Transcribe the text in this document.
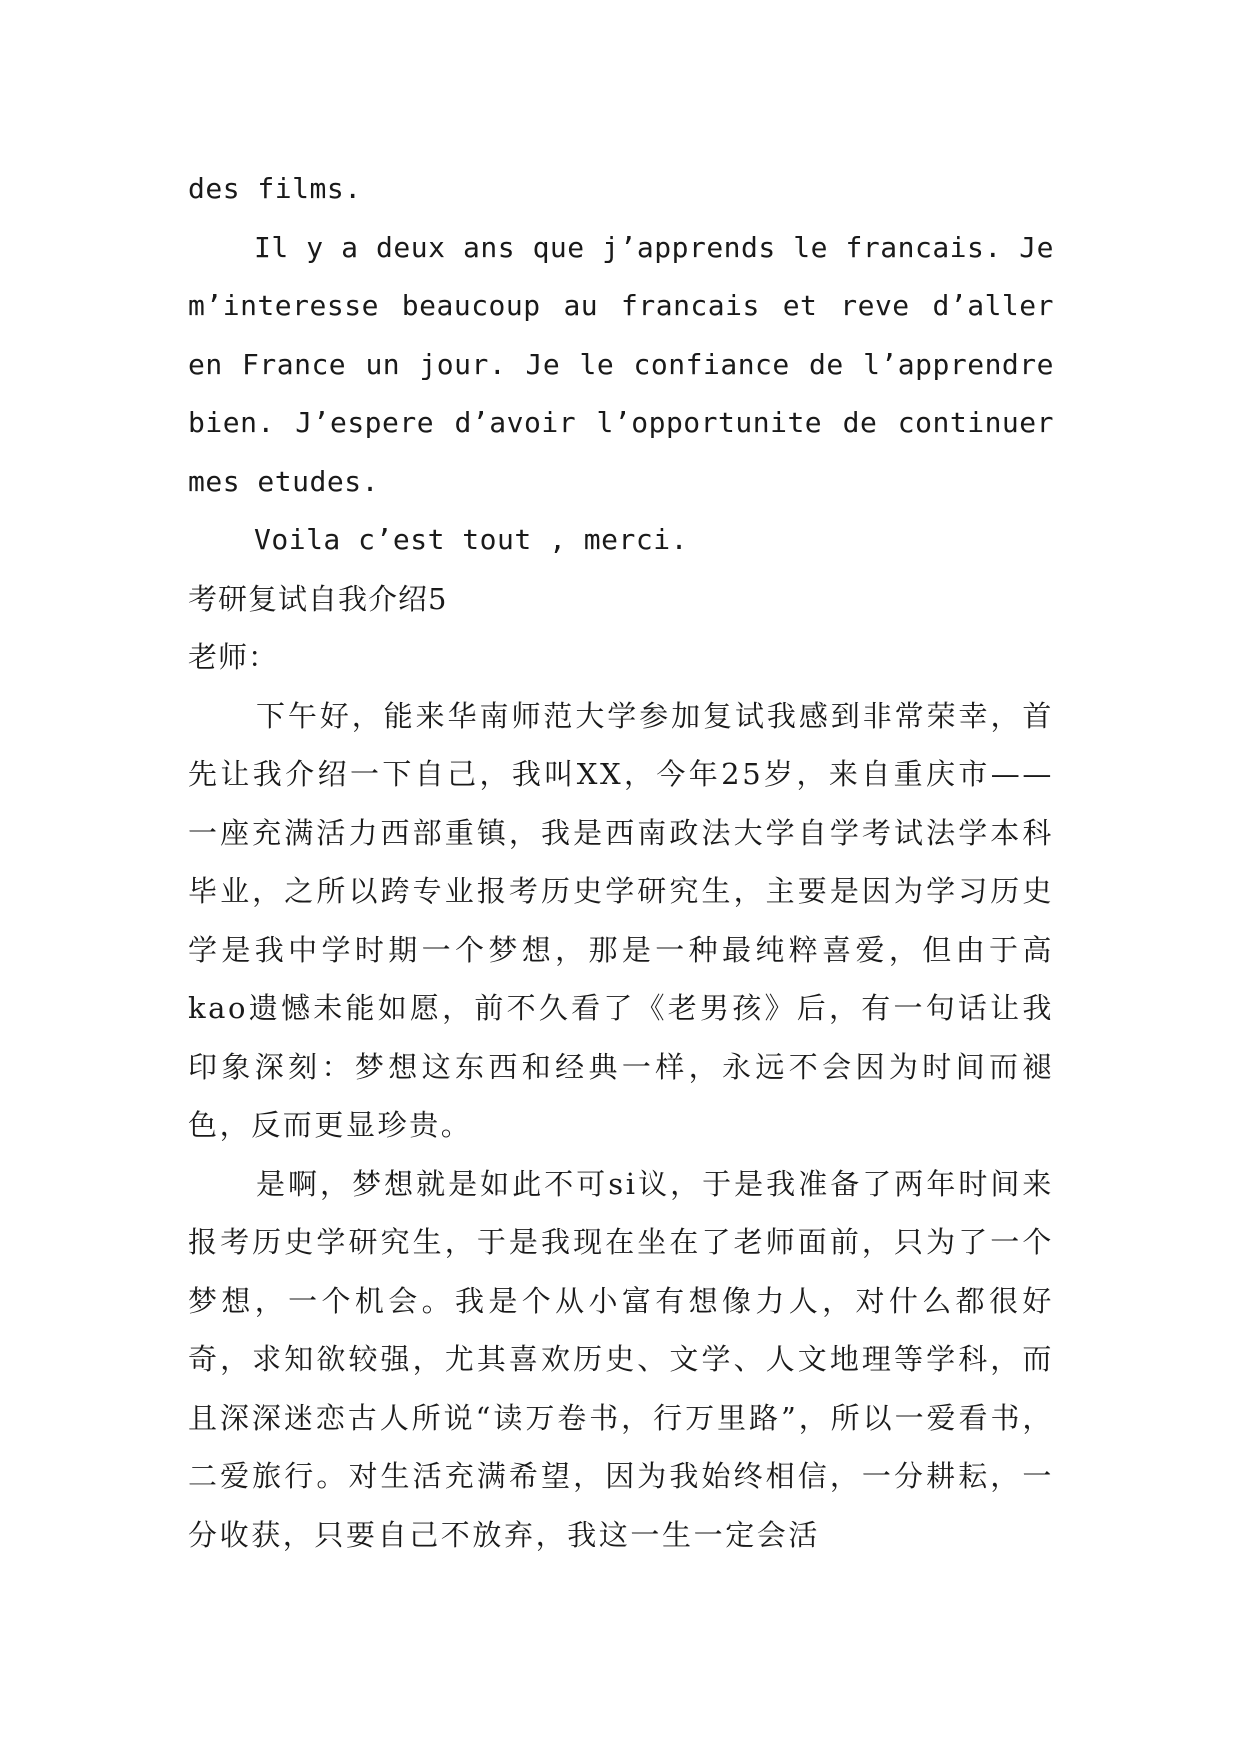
des films.

Il y a deux ans que j’apprends le francais. Je m’interesse beaucoup au francais et reve d’aller en France un jour. Je le confiance de l’apprendre bien. J’espere d’avoir l’opportunite de continuer mes etudes.

Voila c’est tout , merci.

考研复试自我介绍5

老师：

下午好，能来华南师范大学参加复试我感到非常荣幸，首先让我介绍一下自己，我叫XX，今年25岁，来自重庆市——一座充满活力西部重镇，我是西南政法大学自学考试法学本科毕业，之所以跨专业报考历史学研究生，主要是因为学习历史学是我中学时期一个梦想，那是一种最纯粹喜爱，但由于高kao遗憾未能如愿，前不久看了《老男孩》后，有一句话让我印象深刻：梦想这东西和经典一样，永远不会因为时间而褪色，反而更显珍贵。

是啊，梦想就是如此不可si议，于是我准备了两年时间来报考历史学研究生，于是我现在坐在了老师面前，只为了一个梦想，一个机会。我是个从小富有想像力人，对什么都很好奇，求知欲较强，尤其喜欢历史、文学、人文地理等学科，而且深深迷恋古人所说“读万卷书，行万里路”，所以一爱看书，二爱旅行。对生活充满希望，因为我始终相信，一分耕耘，一分收获，只要自己不放弃，我这一生一定会活
